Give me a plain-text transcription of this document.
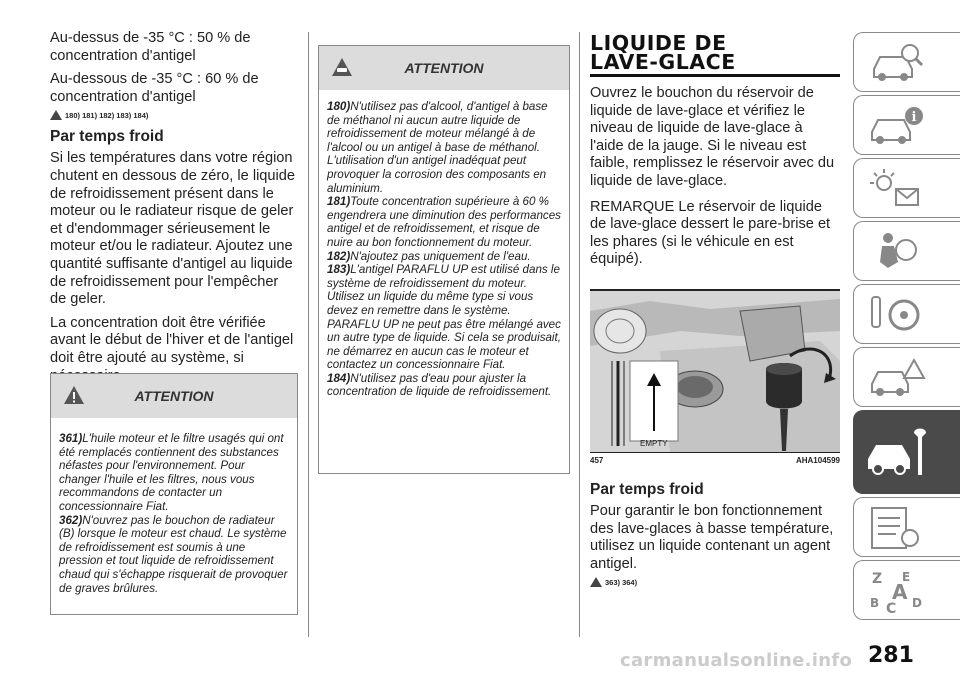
Au-dessus de -35 °C : 50 % de concentration d'antigel

Au-dessous de -35 °C : 60 % de concentration d'antigel

180) 181) 182) 183) 184)
Par temps froid

Si les températures dans votre région chutent en dessous de zéro, le liquide de refroidissement présent dans le moteur ou le radiateur risque de geler et d'endommager sérieusement le moteur et/ou le radiateur. Ajoutez une quantité suffisante d'antigel au liquide de refroidissement pour l'empêcher de geler.

La concentration doit être vérifiée avant le début de l'hiver et de l'antigel doit être ajouté au système, si

ATTENTION

361)L'huile moteur et le filtre usagés qui ont été remplacés contiennent des substances néfastes pour l'environnement. Pour changer l'huile et les filtres, nous vous recommandons de contacter un concessionnaire Fiat.

362)N'ouvrez pas le bouchon de radiateur (B) lorsque le moteur est chaud. Le système de refroidissement est soumis à une pression et tout liquide de refroidissement chaud qui s'échappe risquerait de provoquer de graves brûlures.

ATTENTION

180)N'utilisez pas d'alcool, d'antigel à base de méthanol ni aucun autre liquide de refroidissement de moteur mélangé à de l'alcool ou un antigel à base de méthanol. L'utilisation d'un antigel inadéquat peut provoquer la corrosion des composants en aluminium.

181)Toute concentration supérieure à 60 % engendrera une diminution des performances antigel et de refroidissement, et risque de nuire au bon fonctionnement du moteur.

182)N'ajoutez pas uniquement de l'eau.

183)L'antigel PARAFLU UP est utilisé dans le système de refroidissement du moteur. Utilisez un liquide du même type si vous devez en remettre dans le système. PARAFLU UP ne peut pas être mélangé avec un autre type de liquide. Si cela se produisait, ne démarrez en aucun cas le moteur et contactez un concessionnaire Fiat.

184)N'utilisez pas d'eau pour ajuster la concentration de liquide de refroidissement.

LIQUIDE DE
LAVE-GLACE

Ouvrez le bouchon du réservoir de liquide de lave-glace et vérifiez le niveau de liquide de lave-glace à l'aide de la jauge. Si le niveau est faible, remplissez le réservoir avec du liquide de lave-glace.

REMARQUE Le réservoir de liquide de lave-glace dessert le pare-brise et les phares (si le véhicule en est équipé).

EMPTY
457	AHA104599
Par temps froid

Pour garantir le bon fonctionnement des lave-glaces à basse température, utilisez un liquide contenant un agent antigel.

363) 364)
i
Z E
B C
A D
281
carmanualsonline.info
